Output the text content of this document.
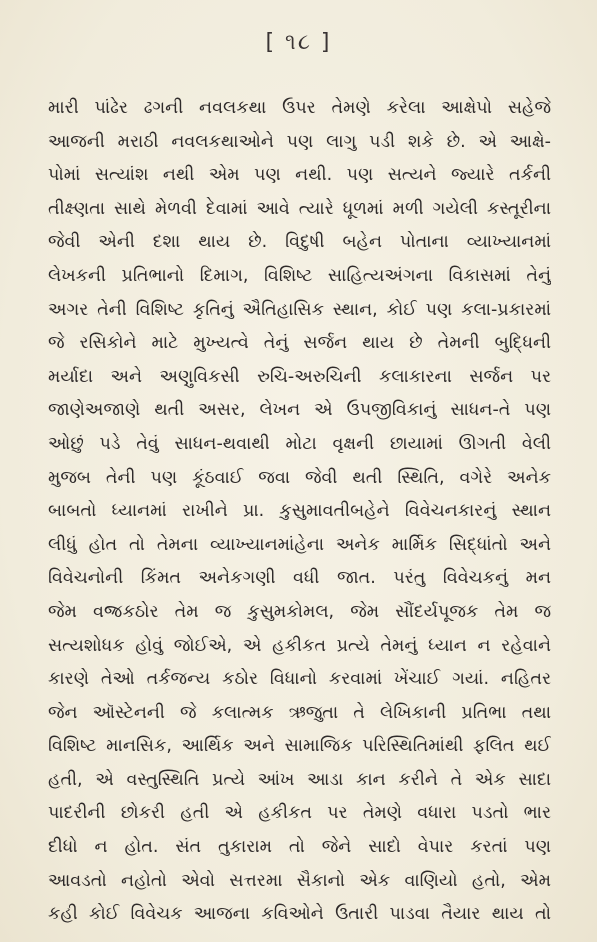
[ ૧૮ ]
મારી પાંઢેર ઢગની નવલકથા ઉપર તેમણે કરેલા આક્ષેપો સહેજે
આજની મરાઠી નવલકથાઓને પણ લાગુ પડી શકે છે. એ આક્ષે-
પોમાં સત્યાંશ નથી એમ પણ નથી. પણ સત્યને જ્યારે તર્કની
તીક્ષ્ણતા સાથે મેળવી દેવામાં આવે ત્યારે ધૂળમાં મળી ગયેલી કસ્તૂરીના
જેવી એની દશા થાય છે. વિદુષી બહેન પોતાના વ્યાખ્યાનમાં
લેખકની પ્રતિભાનો દિમાગ, વિશિષ્ટ સાહિત્યઅંગના વિકાસમાં તેનું
અગર તેની વિશિષ્ટ કૃતિનું ઐતિહાસિક સ્થાન, કોઈ પણ કલા-પ્રકારમાં
જે રસિકોને માટે મુખ્યત્વે તેનું સર્જન થાય છે તેમની બુદ્ધિની
મર્યાદા અને અણુવિકસી રુચિ-અરુચિની કલાકારના સર્જન પર
જાણેઅજાણે થતી અસર, લેખન એ ઉપજીવિકાનું સાધન-તે પણ
ઓછું પડે તેવું સાધન-થવાથી મોટા વૃક્ષની છાયામાં ઊગતી વેલી
મુજબ તેની પણ કૂંઠવાઈ જવા જેવી થતી સ્થિતિ, વગેરે અનેક
બાબતો ધ્યાનમાં રાખીને પ્રા. કુસુમાવતીબહેને વિવેચનકારનું સ્થાન
લીધું હોત તો તેમના વ્યાખ્યાનમાંહેના અનેક માર્મિક સિદ્ધાંતો અને
વિવેચનોની કિંમત અનેકગણી વધી જાત. પરંતુ વિવેચકનું મન
જેમ વજ્રકઠોર તેમ જ કુસુમકોમલ, જેમ સૌંદર્યપૂજક તેમ જ
સત્યશોધક હોવું જોઈએ, એ હકીકત પ્રત્યે તેમનું ધ્યાન ન રહેવાને
કારણે તેઓ તર્કજન્ય કઠોર વિધાનો કરવામાં ખેંચાઈ ગયાં. નહિતર
જેન ઑસ્ટેનની જે કલાત્મક ઋજુતા તે લેખિકાની પ્રતિભા તથા
વિશિષ્ટ માનસિક, આર્થિક અને સામાજિક પરિસ્થિતિમાંથી ફલિત થઈ
હતી, એ વસ્તુસ્થિતિ પ્રત્યે આંખ આડા કાન કરીને તે એક સાદા
પાદરીની છોકરી હતી એ હકીકત પર તેમણે વધારા પડતો ભાર
દીધો ન હોત. સંત તુકારામ તો જેને સાદો વેપાર કરતાં પણ
આવડતો નહોતો એવો સત્તરમા સૈકાનો એક વાણિયો હતો, એમ
કહી કોઈ વિવેચક આજના કવિઓને ઉતારી પાડવા તૈયાર થાય તો
